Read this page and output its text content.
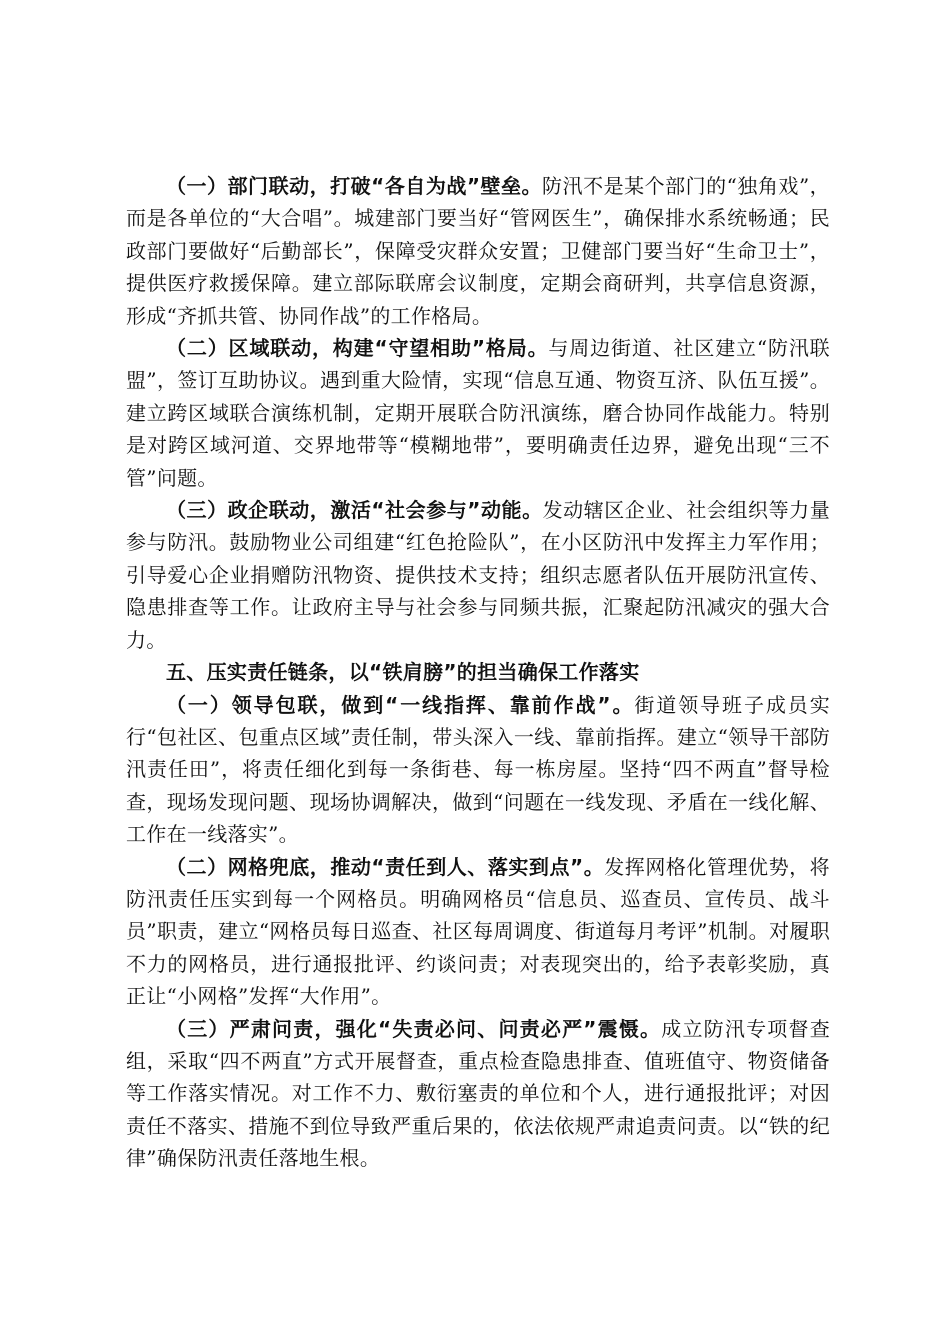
（一）部门联动，打破“各自为战”壁垒。防汛不是某个部门的“独角戏”，而是各单位的“大合唱”。城建部门要当好“管网医生”，确保排水系统畅通；民政部门要做好“后勤部长”，保障受灾群众安置；卫健部门要当好“生命卫士”，提供医疗救援保障。建立部际联席会议制度，定期会商研判，共享信息资源，形成“齐抓共管、协同作战”的工作格局。

（二）区域联动，构建“守望相助”格局。与周边街道、社区建立“防汛联盟”，签订互助协议。遇到重大险情，实现“信息互通、物资互济、队伍互援”。建立跨区域联合演练机制，定期开展联合防汛演练，磨合协同作战能力。特别是对跨区域河道、交界地带等“模糊地带”，要明确责任边界，避免出现“三不管”问题。

（三）政企联动，激活“社会参与”动能。发动辖区企业、社会组织等力量参与防汛。鼓励物业公司组建“红色抢险队”，在小区防汛中发挥主力军作用；引导爱心企业捐赠防汛物资、提供技术支持；组织志愿者队伍开展防汛宣传、隐患排查等工作。让政府主导与社会参与同频共振，汇聚起防汛减灾的强大合力。

五、压实责任链条，以“铁肩膀”的担当确保工作落实

（一）领导包联，做到“一线指挥、靠前作战”。街道领导班子成员实行“包社区、包重点区域”责任制，带头深入一线、靠前指挥。建立“领导干部防汛责任田”，将责任细化到每一条街巷、每一栋房屋。坚持“四不两直”督导检查，现场发现问题、现场协调解决，做到“问题在一线发现、矛盾在一线化解、工作在一线落实”。

（二）网格兜底，推动“责任到人、落实到点”。发挥网格化管理优势，将防汛责任压实到每一个网格员。明确网格员“信息员、巡查员、宣传员、战斗员”职责，建立“网格员每日巡查、社区每周调度、街道每月考评”机制。对履职不力的网格员，进行通报批评、约谈问责；对表现突出的，给予表彰奖励，真正让“小网格”发挥“大作用”。

（三）严肃问责，强化“失责必问、问责必严”震慑。成立防汛专项督查组，采取“四不两直”方式开展督查，重点检查隐患排查、值班值守、物资储备等工作落实情况。对工作不力、敷衍塞责的单位和个人，进行通报批评；对因责任不落实、措施不到位导致严重后果的，依法依规严肃追责问责。以“铁的纪律”确保防汛责任落地生根。
